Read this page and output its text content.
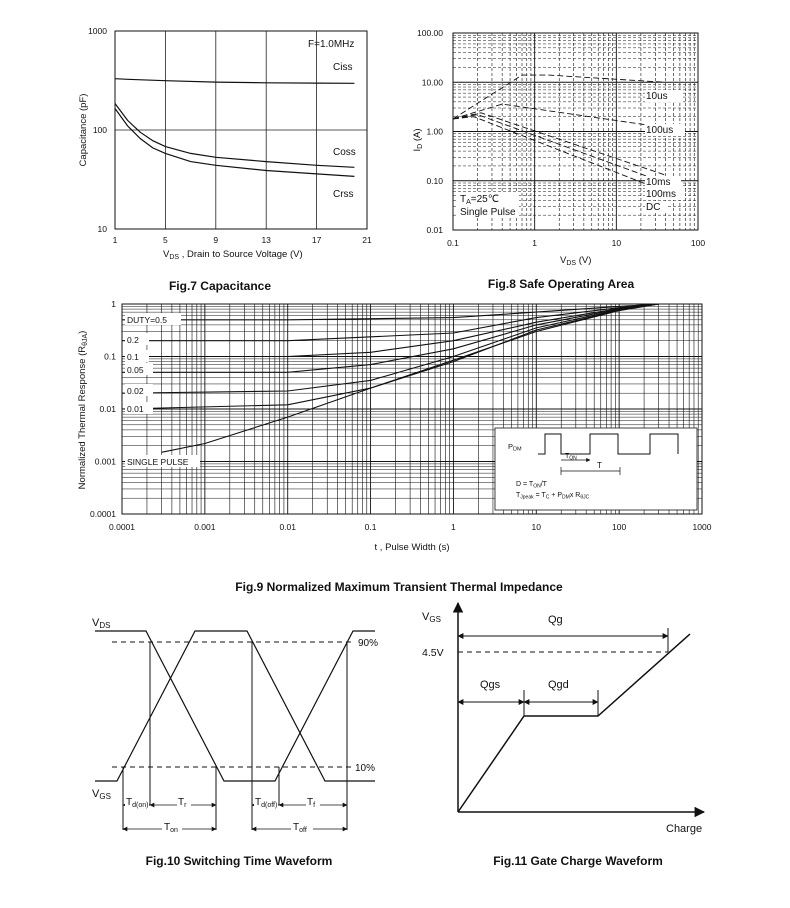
1	5	9	13	17	21
1000
100
10
F=1.0MHz
Ciss
Coss
Crss
$V_{DS}$ , Drain to Source Voltage (V)
Capacitance (pF)
Fig.7 Capacitance
0.1	1	10	100
100.00
10.00
1.00
0.10
0.01
10us
100us
10ms
100ms
DC
$T_A=25℃$
Single Pulse
$V_{DS}$ (V)
$I_D$ (A)
Fig.8 Safe Operating Area
0.0001	0.001	0.01	0.1	1	10	100	1000
1
0.1
0.01
0.001
0.0001
DUTY=0.5
0.2
0.1
0.05
0.02
0.01
SINGLE PULSE
$P_{DM}$
$T_{ON}$
T
$D = T_{ON}/T$
$T_{Jpeak} = T_C + P_{DM}x$ $R_{\theta JC}$
t , Pulse Width (s)
Normalized Thermal Response $(R_{\theta JA})$
Fig.9 Normalized Maximum Transient Thermal Impedance
VDS
VGS
90%
10%
$T_{d(on)}$	$T_r$	$T_{d(off)}$	$T_f$
$T_{on}$	$T_{off}$
Fig.10 Switching Time Waveform
VGS
4.5V
Qg
Qgs	Qgd
Charge
Fig.11 Gate Charge Waveform
